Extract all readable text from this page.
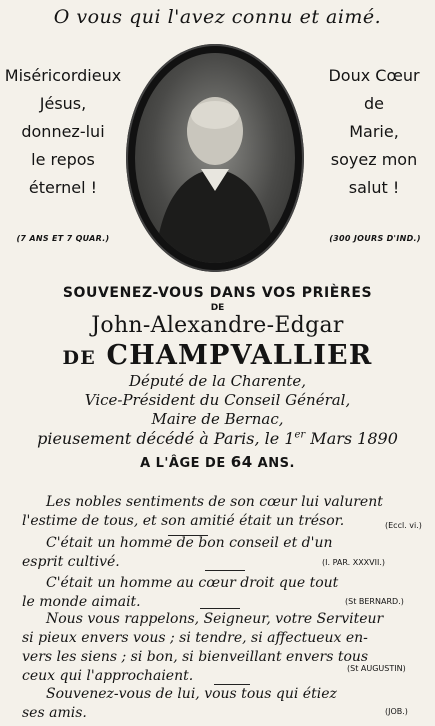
O vous qui l'avez connu et aimé.
Miséricordieux
Jésus,
donnez-lui
le repos
éternel !
(7 ANS ET 7 QUAR.)
Doux Cœur
de
Marie,
soyez mon
salut !
(300 JOURS D'IND.)
SOUVENEZ-VOUS DANS VOS PRIÈRES
DE
John-Alexandre-Edgar
DE CHAMPVALLIER
Député de la Charente,
Vice-Président du Conseil Général,
Maire de Bernac,
pieusement décédé à Paris, le 1er Mars 1890
A L'ÂGE DE 64 ANS.
Les nobles sentiments de son cœur lui valurent
l'estime de tous, et son amitié était un trésor.	(Eccl. vi.)
C'était un homme de bon conseil et d'un
esprit cultivé.	(I. PAR. XXXVII.)
C'était un homme au cœur droit que tout
le monde aimait.	(St BERNARD.)
Nous vous rappelons, Seigneur, votre Serviteur
si pieux envers vous ; si tendre, si affectueux en-
vers les siens ; si bon, si bienveillant envers tous
ceux qui l'approchaient.	(St AUGUSTIN)
Souvenez-vous de lui, vous tous qui étiez
ses amis.	(JOB.)
